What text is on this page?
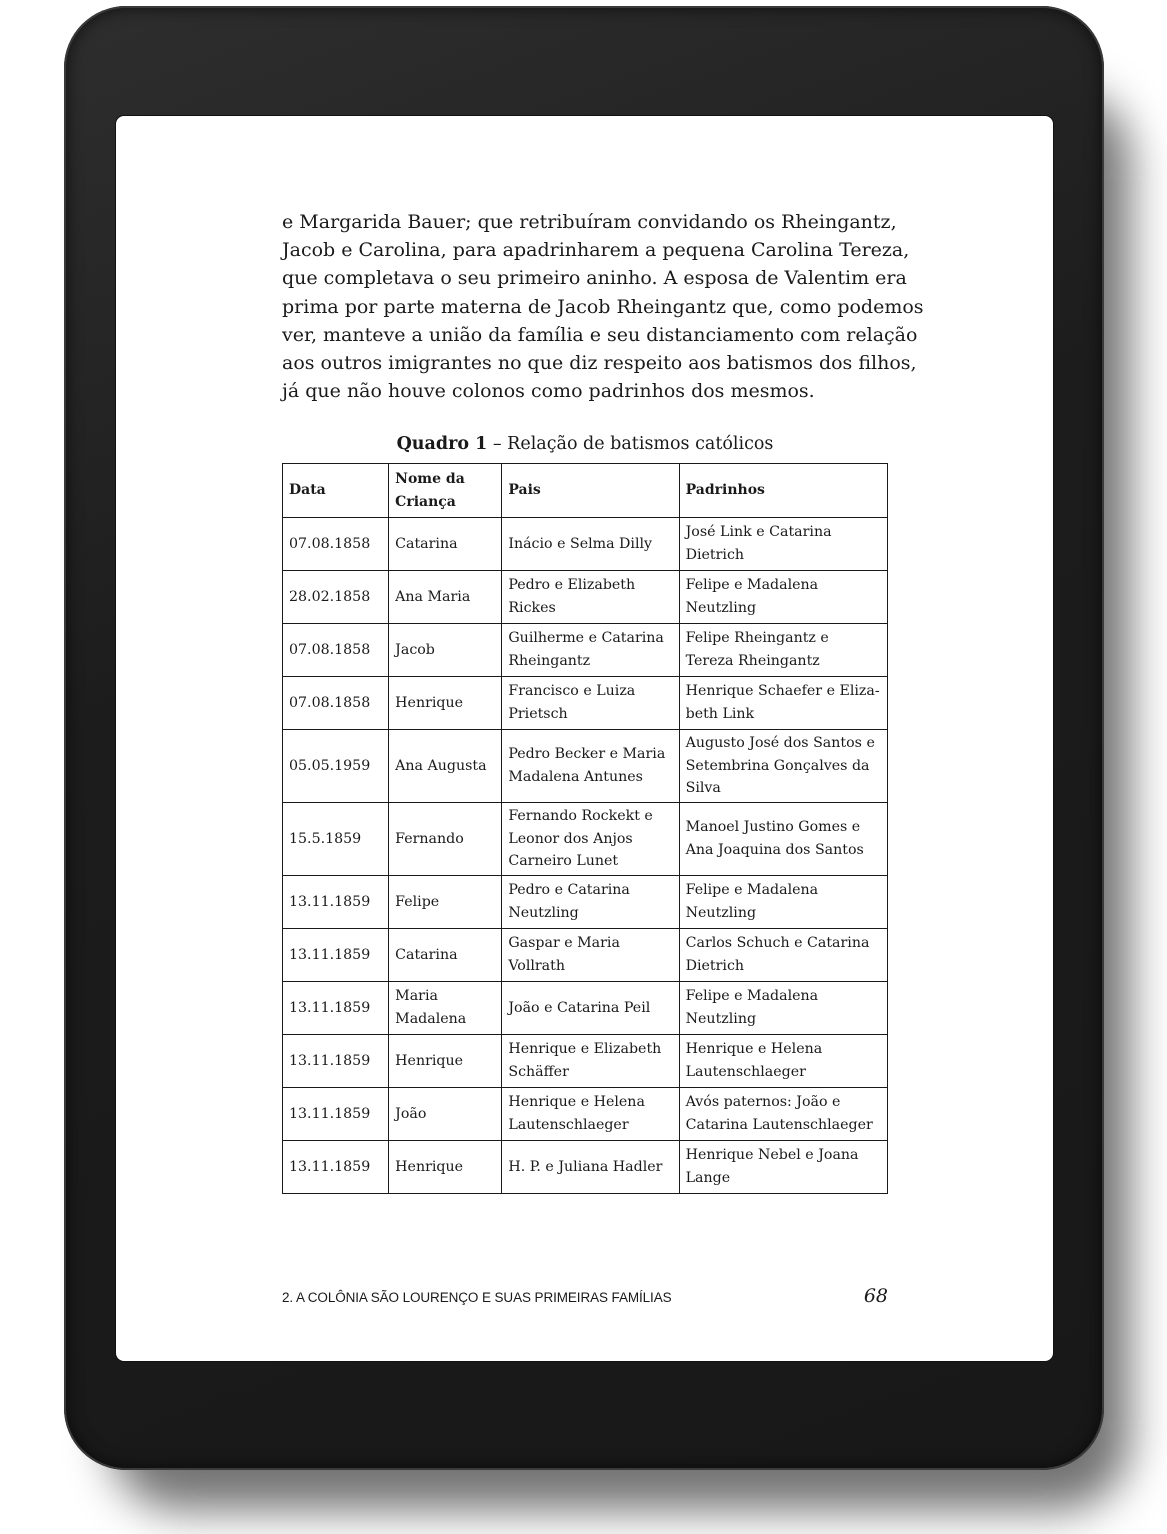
e Margarida Bauer; que retribuíram convidando os Rheingantz,
Jacob e Carolina, para apadrinharem a pequena Carolina Tereza,
que completava o seu primeiro aninho. A esposa de Valentim era
prima por parte materna de Jacob Rheingantz que, como podemos
ver, manteve a união da família e seu distanciamento com relação
aos outros imigrantes no que diz respeito aos batismos dos filhos,
já que não houve colonos como padrinhos dos mesmos.
Quadro 1 – Relação de batismos católicos
Data	Nome da Criança	Pais	Padrinhos
07.08.1858	Catarina	Inácio e Selma Dilly	José Link e Catarina Dietrich
28.02.1858	Ana Maria	Pedro e Elizabeth Rickes	Felipe e Madalena Neutzling
07.08.1858	Jacob	Guilherme e Catarina Rheingantz	Felipe Rheingantz e Tereza Rheingantz
07.08.1858	Henrique	Francisco e Luiza Prietsch	Henrique Schaefer e Eliza-beth Link
05.05.1959	Ana Augusta	Pedro Becker e Maria Madalena Antunes	Augusto José dos Santos e Setembrina Gonçalves da Silva
15.5.1859	Fernando	Fernando Rockekt e Leonor dos Anjos Carneiro Lunet	Manoel Justino Gomes e Ana Joaquina dos Santos
13.11.1859	Felipe	Pedro e Catarina Neutzling	Felipe e Madalena Neutzling
13.11.1859	Catarina	Gaspar e Maria Vollrath	Carlos Schuch e Catarina Dietrich
13.11.1859	Maria Madalena	João e Catarina Peil	Felipe e Madalena Neutzling
13.11.1859	Henrique	Henrique e Elizabeth Schäffer	Henrique e Helena Lautenschlaeger
13.11.1859	João	Henrique e Helena Lautenschlaeger	Avós paternos: João e Catarina Lautenschlaeger
13.11.1859	Henrique	H. P. e Juliana Hadler	Henrique Nebel e Joana Lange
2. A COLÔNIA SÃO LOURENÇO E SUAS PRIMEIRAS FAMÍLIAS	68
